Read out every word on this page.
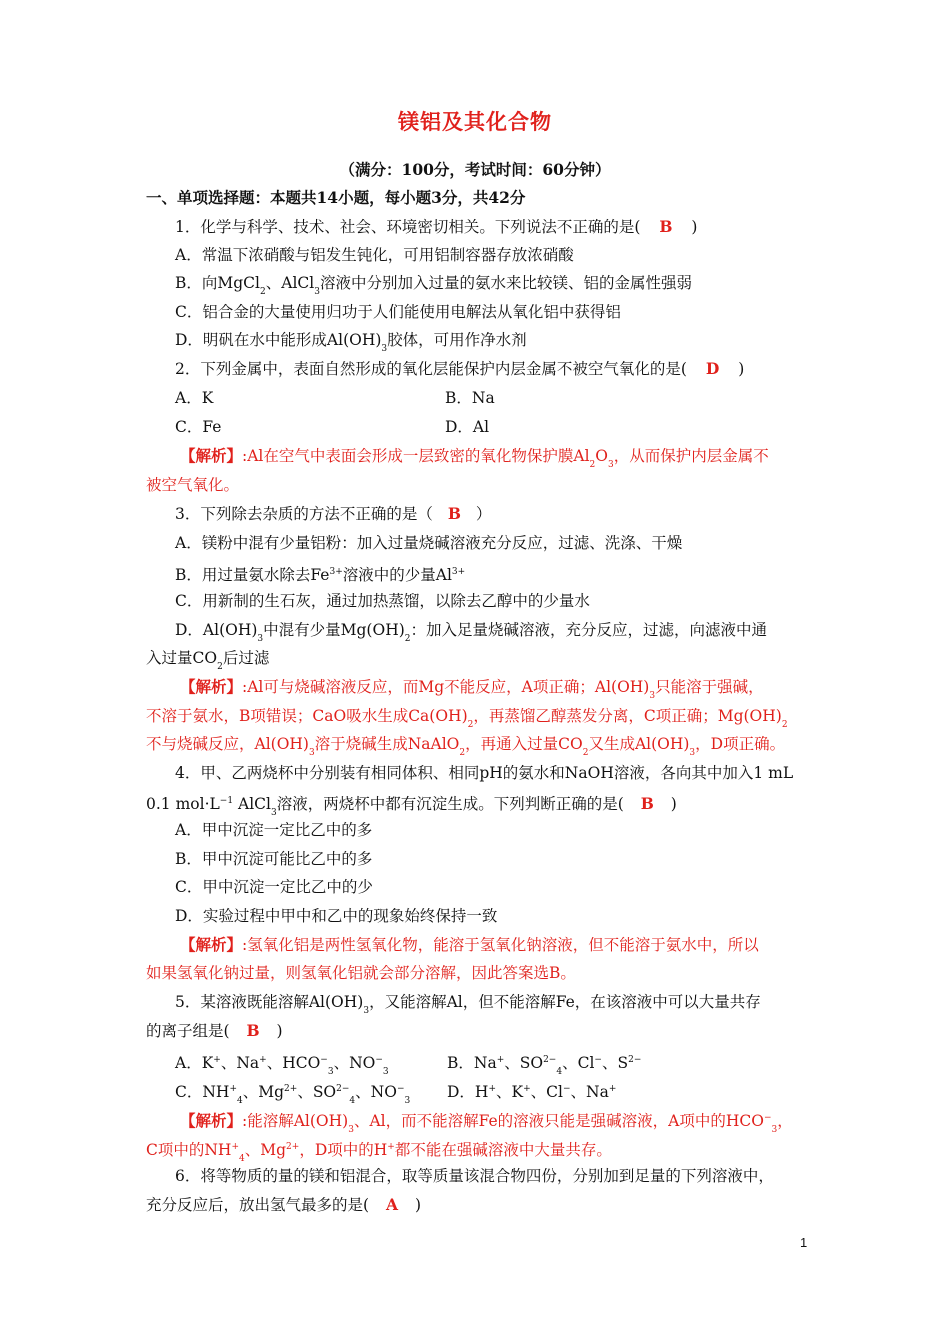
镁铝及其化合物
（满分：100分，考试时间：60分钟）
一、单项选择题：本题共14小题，每小题3分，共42分
1．化学与科学、技术、社会、环境密切相关。下列说法不正确的是( B )
A．常温下浓硝酸与铝发生钝化，可用铝制容器存放浓硝酸
B．向MgCl$_2$、AlCl$_3$溶液中分别加入过量的氨水来比较镁、铝的金属性强弱
C．铝合金的大量使用归功于人们能使用电解法从氧化铝中获得铝
D．明矾在水中能形成$Al(OH)_3$胶体，可用作净水剂
2．下列金属中，表面自然形成的氧化层能保护内层金属不被空气氧化的是( D )
A．K	B．Na
C．Fe	D．Al
【解析】:Al在空气中表面会形成一层致密的氧化物保护膜$Al_2O_3$，从而保护内层金属不
被空气氧化。
3．下列除去杂质的方法不正确的是（ B ）
A．镁粉中混有少量铝粉：加入过量烧碱溶液充分反应，过滤、洗涤、干燥
B．用过量氨水除去$Fe^{3+}$溶液中的少量$Al^{3+}$
C．用新制的生石灰，通过加热蒸馏，以除去乙醇中的少量水
D．$Al(OH)_3$中混有少量$Mg(OH)_2$：加入足量烧碱溶液，充分反应，过滤，向滤液中通
入过量$CO_2$后过滤
【解析】:Al可与烧碱溶液反应，而Mg不能反应，A项正确；$Al(OH)_3$只能溶于强碱，
不溶于氨水，B项错误；CaO吸水生成$Ca(OH)_2$，再蒸馏乙醇蒸发分离，C项正确；$Mg(OH)_2$
不与烧碱反应，$Al(OH)_3$溶于烧碱生成NaAlO$_2$，再通入过量$CO_2$又生成$Al(OH)_3$，D项正确。
4．甲、乙两烧杯中分别装有相同体积、相同pH的氨水和NaOH溶液，各向其中加入1 mL
0.1 $mol\cdot L^{-1}$ AlCl$_3$溶液，两烧杯中都有沉淀生成。下列判断正确的是( B )
A．甲中沉淀一定比乙中的多
B．甲中沉淀可能比乙中的多
C．甲中沉淀一定比乙中的少
D．实验过程中甲中和乙中的现象始终保持一致
【解析】:氢氧化铝是两性氢氧化物，能溶于氢氧化钠溶液，但不能溶于氨水中，所以
如果氢氧化钠过量，则氢氧化铝就会部分溶解，因此答案选B。
5．某溶液既能溶解$Al(OH)_3$，又能溶解Al，但不能溶解Fe，在该溶液中可以大量共存
的离子组是( B )
A．K+、Na+、$HCO^-_3$、$NO^-_3$	B．Na+、$SO^{2-}_4$、Cl−、$S^{2-}$
C．$NH^+_4$、$Mg^{2+}$、$SO^{2-}_4$、$NO^-_3$ D．H+、K+、Cl−、Na+
【解析】:能溶解$Al(OH)_3$、Al，而不能溶解Fe的溶液只能是强碱溶液，A项中的$HCO^-_3$，
C项中的$NH^+_4$、$Mg^{2+}$，D项中的H+都不能在强碱溶液中大量共存。
6．将等物质的量的镁和铝混合，取等质量该混合物四份，分别加到足量的下列溶液中，
充分反应后，放出氢气最多的是( A )
1
